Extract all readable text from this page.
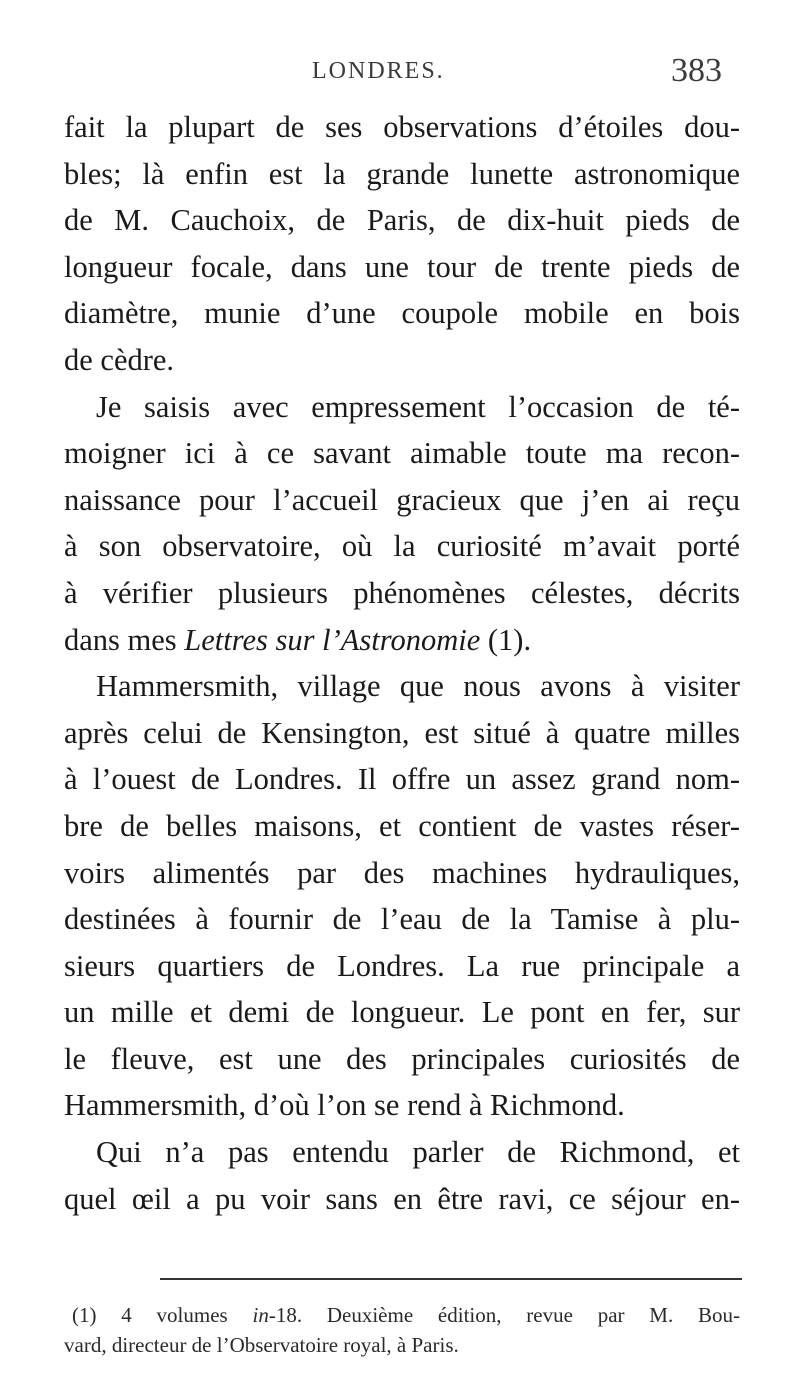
LONDRES.	383
fait la plupart de ses observations d’étoiles dou-
bles; là enfin est la grande lunette astronomique
de M. Cauchoix, de Paris, de dix-huit pieds de
longueur focale, dans une tour de trente pieds de
diamètre, munie d’une coupole mobile en bois
de cèdre.
Je saisis avec empressement l’occasion de té-
moigner ici à ce savant aimable toute ma recon-
naissance pour l’accueil gracieux que j’en ai reçu
à son observatoire, où la curiosité m’avait porté
à vérifier plusieurs phénomènes célestes, décrits
dans mes Lettres sur l’Astronomie (1).
Hammersmith, village que nous avons à visiter
après celui de Kensington, est situé à quatre milles
à l’ouest de Londres. Il offre un assez grand nom-
bre de belles maisons, et contient de vastes réser-
voirs alimentés par des machines hydrauliques,
destinées à fournir de l’eau de la Tamise à plu-
sieurs quartiers de Londres. La rue principale a
un mille et demi de longueur. Le pont en fer, sur
le fleuve, est une des principales curiosités de
Hammersmith, d’où l’on se rend à Richmond.
Qui n’a pas entendu parler de Richmond, et
quel œil a pu voir sans en être ravi, ce séjour en-
(1) 4 volumes in-18. Deuxième édition, revue par M. Bou-
vard, directeur de l’Observatoire royal, à Paris.
